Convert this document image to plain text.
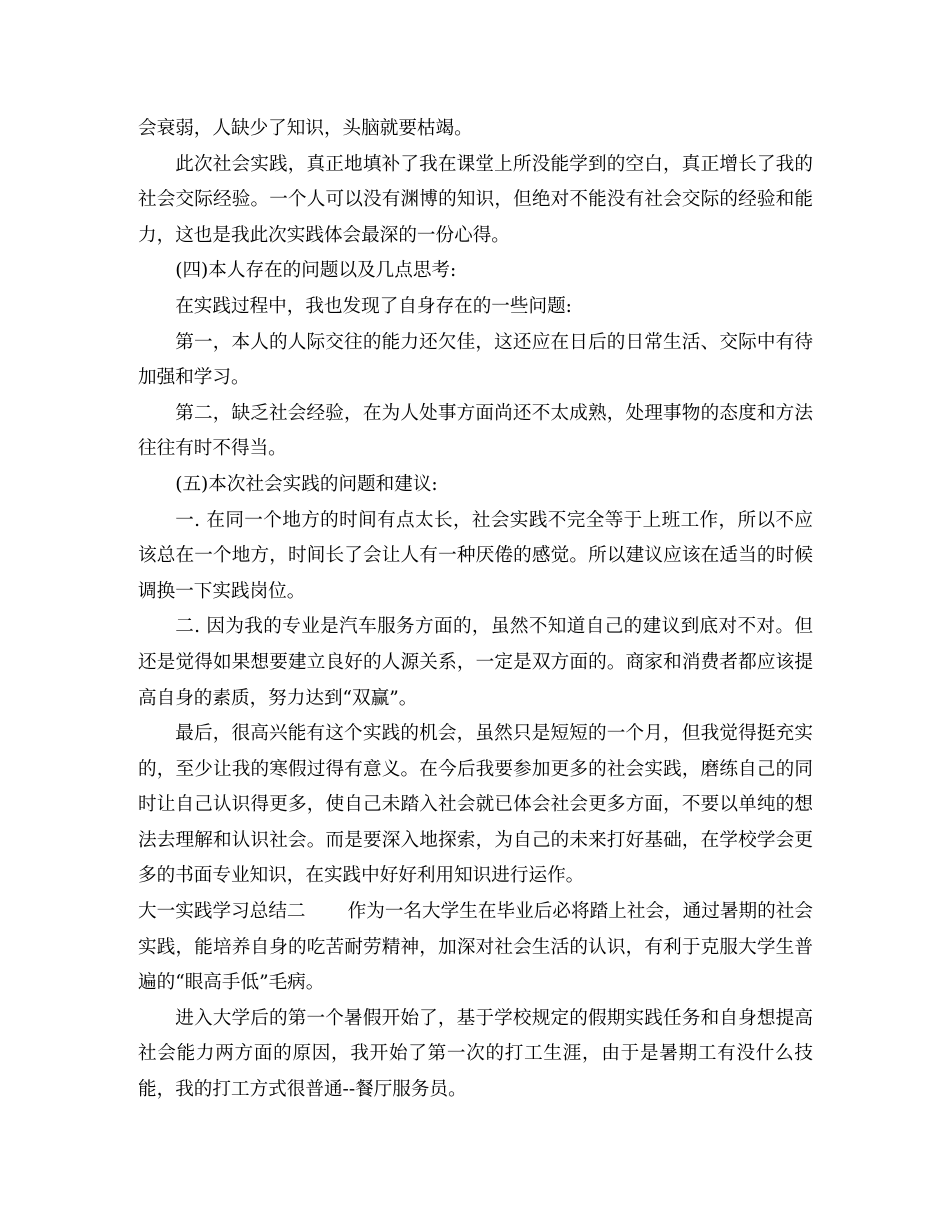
会衰弱，人缺少了知识，头脑就要枯竭。

此次社会实践，真正地填补了我在课堂上所没能学到的空白，真正增长了我的社会交际经验。一个人可以没有渊博的知识，但绝对不能没有社会交际的经验和能力，这也是我此次实践体会最深的一份心得。

(四)本人存在的问题以及几点思考:

在实践过程中，我也发现了自身存在的一些问题:

第一，本人的人际交往的能力还欠佳，这还应在日后的日常生活、交际中有待加强和学习。

第二，缺乏社会经验，在为人处事方面尚还不太成熟，处理事物的态度和方法往往有时不得当。

(五)本次社会实践的问题和建议:

一. 在同一个地方的时间有点太长，社会实践不完全等于上班工作，所以不应该总在一个地方，时间长了会让人有一种厌倦的感觉。所以建议应该在适当的时候调换一下实践岗位。

二. 因为我的专业是汽车服务方面的，虽然不知道自己的建议到底对不对。但还是觉得如果想要建立良好的人源关系，一定是双方面的。商家和消费者都应该提高自身的素质，努力达到“双赢”。

最后，很高兴能有这个实践的机会，虽然只是短短的一个月，但我觉得挺充实的，至少让我的寒假过得有意义。在今后我要参加更多的社会实践，磨练自己的同时让自己认识得更多，使自己未踏入社会就已体会社会更多方面，不要以单纯的想法去理解和认识社会。而是要深入地探索，为自己的未来打好基础，在学校学会更多的书面专业知识，在实践中好好利用知识进行运作。

大一实践学习总结二 作为一名大学生在毕业后必将踏上社会，通过暑期的社会实践，能培养自身的吃苦耐劳精神，加深对社会生活的认识，有利于克服大学生普遍的“眼高手低”毛病。

进入大学后的第一个暑假开始了，基于学校规定的假期实践任务和自身想提高社会能力两方面的原因，我开始了第一次的打工生涯，由于是暑期工有没什么技能，我的打工方式很普通--餐厅服务员。
